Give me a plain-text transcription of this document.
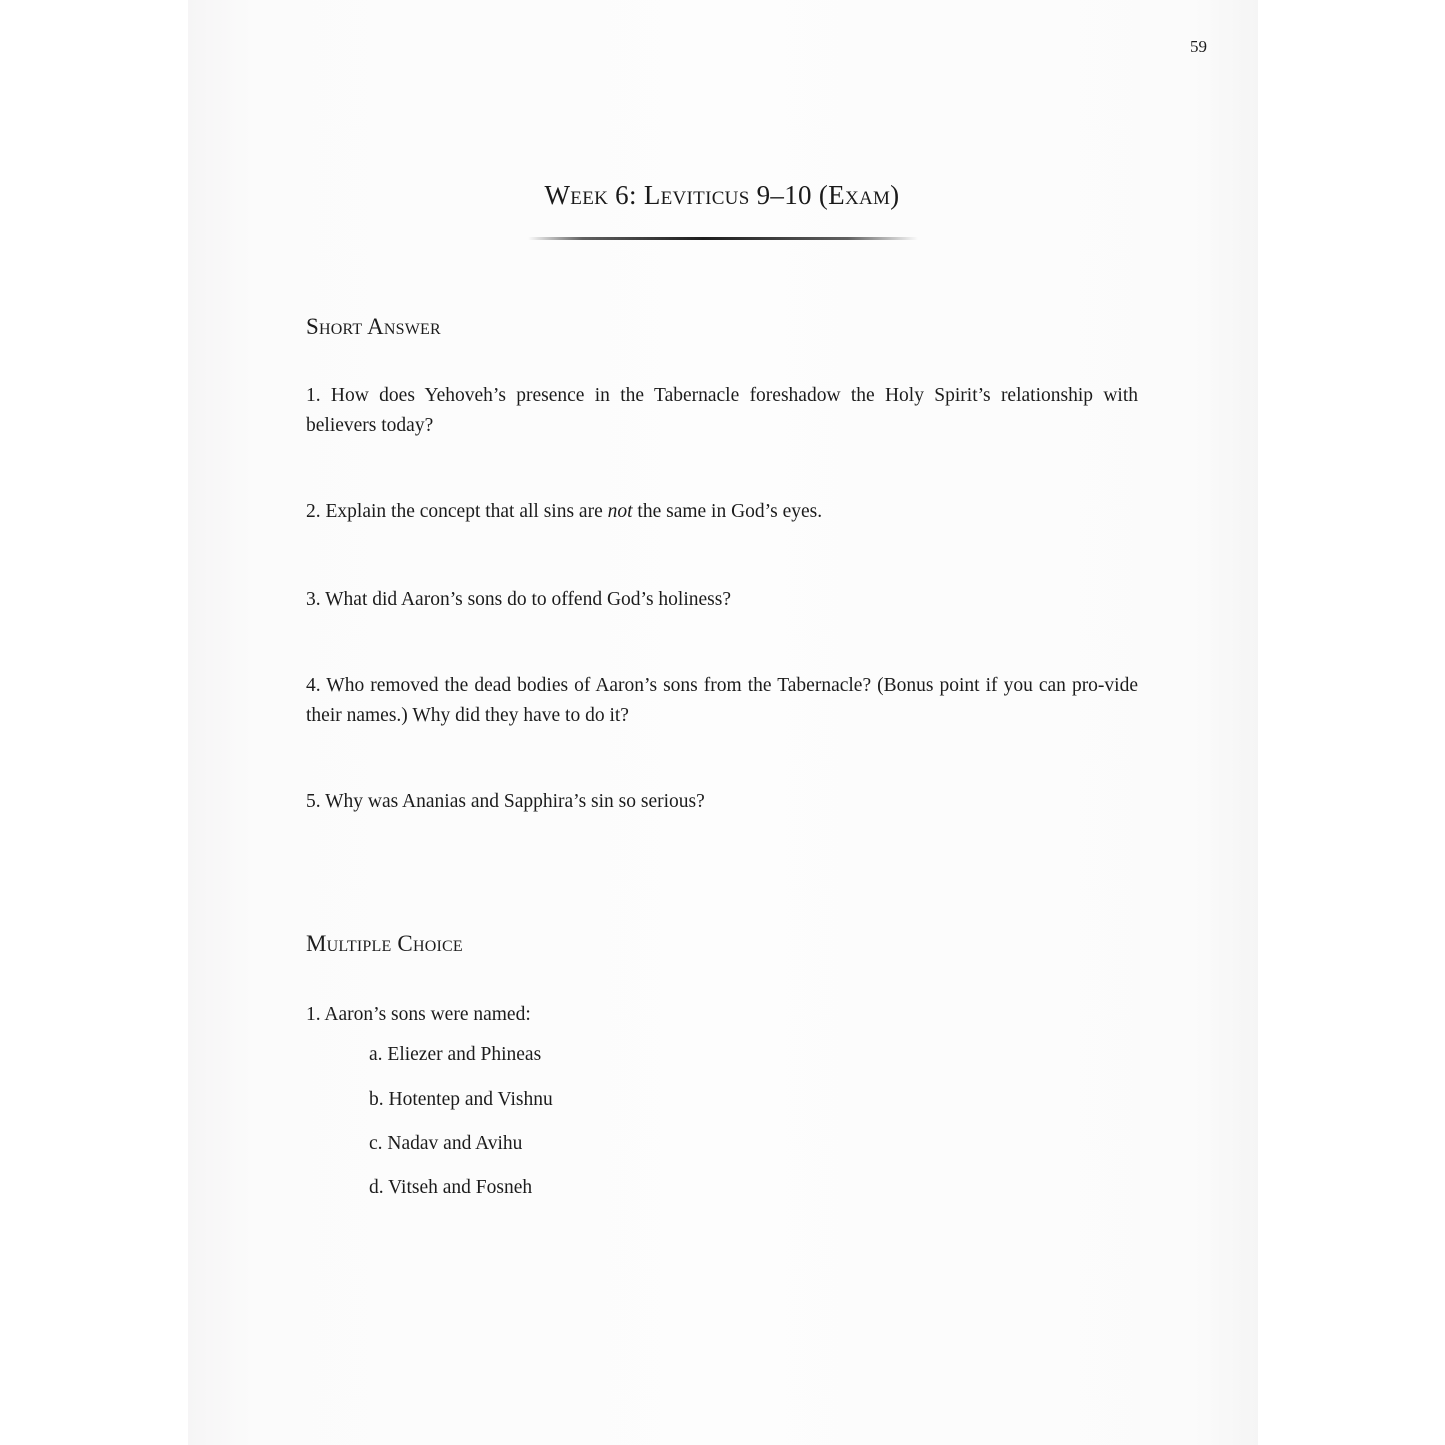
59
Week 6: Leviticus 9–10 (Exam)
Short Answer
1. How does Yehoveh’s presence in the Tabernacle foreshadow the Holy Spirit’s relationship with believers today?
2. Explain the concept that all sins are not the same in God’s eyes.
3. What did Aaron’s sons do to offend God’s holiness?
4. Who removed the dead bodies of Aaron’s sons from the Tabernacle? (Bonus point if you can pro-vide their names.) Why did they have to do it?
5. Why was Ananias and Sapphira’s sin so serious?
Multiple Choice
1. Aaron’s sons were named:
a. Eliezer and Phineas
b. Hotentep and Vishnu
c. Nadav and Avihu
d. Vitseh and Fosneh
